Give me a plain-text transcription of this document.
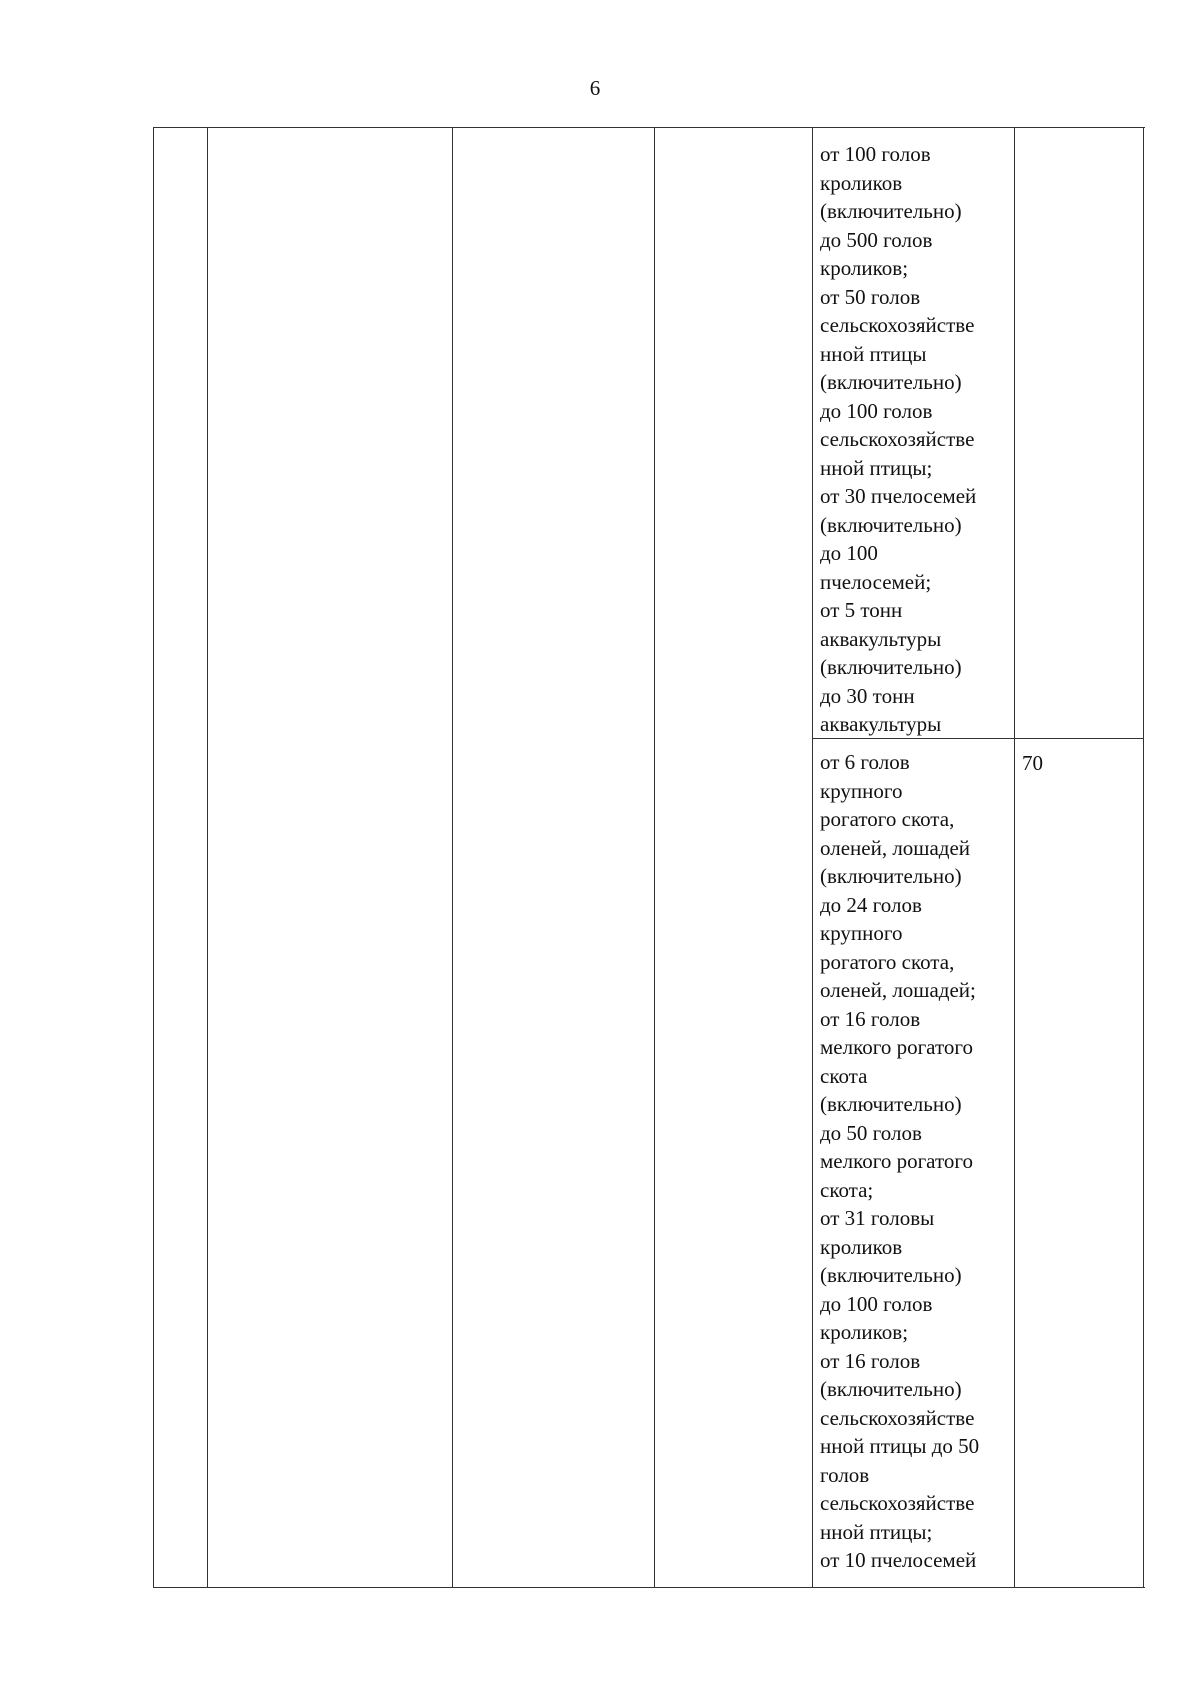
6
от 100 голов
кроликов
(включительно)
до 500 голов
кроликов;
от 50 голов
сельскохозяйстве
нной птицы
(включительно)
до 100 голов
сельскохозяйстве
нной птицы;
от 30 пчелосемей
(включительно)
до 100
пчелосемей;
от 5 тонн
аквакультуры
(включительно)
до 30 тонн
аквакультуры
от 6 голов
крупного
рогатого скота,
оленей, лошадей
(включительно)
до 24 голов
крупного
рогатого скота,
оленей, лошадей;
от 16 голов
мелкого рогатого
скота
(включительно)
до 50 голов
мелкого рогатого
скота;
от 31 головы
кроликов
(включительно)
до 100 голов
кроликов;
от 16 голов
(включительно)
сельскохозяйстве
нной птицы до 50
голов
сельскохозяйстве
нной птицы;
от 10 пчелосемей
70
